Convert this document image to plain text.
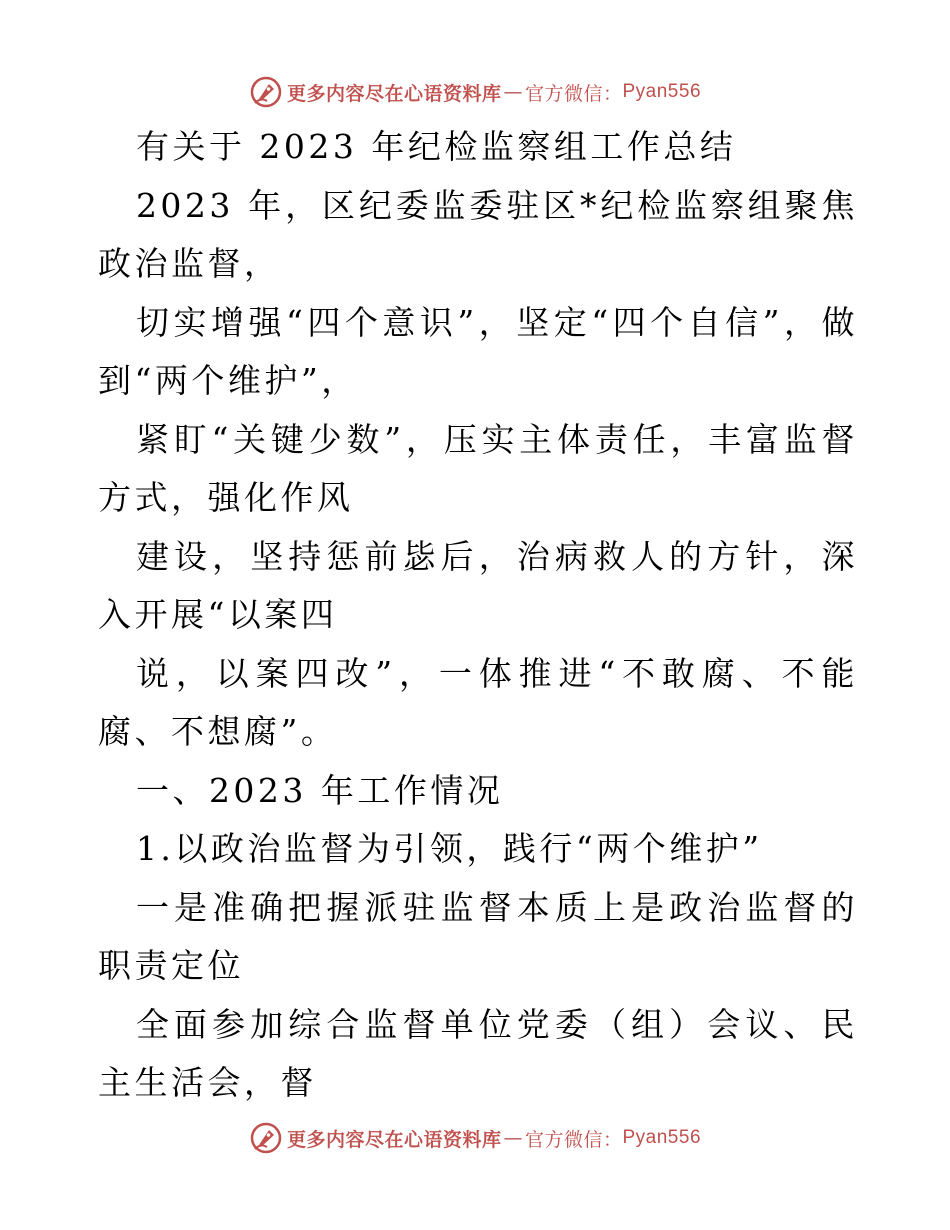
更多内容尽在心语资料库 — 官方微信： Pyan556

有关于 2023 年纪检监察组工作总结

2023 年，区纪委监委驻区*纪检监察组聚焦政治监督，

切实增强“四个意识”，坚定“四个自信”，做到“两个维护”，

紧盯“关键少数”，压实主体责任，丰富监督方式，强化作风

建设，坚持惩前毖后，治病救人的方针，深入开展“以案四

说，以案四改”，一体推进“不敢腐、不能腐、不想腐”。

一、2023 年工作情况

1.以政治监督为引领，践行“两个维护”

一是准确把握派驻监督本质上是政治监督的职责定位

全面参加综合监督单位党委（组）会议、民主生活会，督

更多内容尽在心语资料库 — 官方微信： Pyan556
